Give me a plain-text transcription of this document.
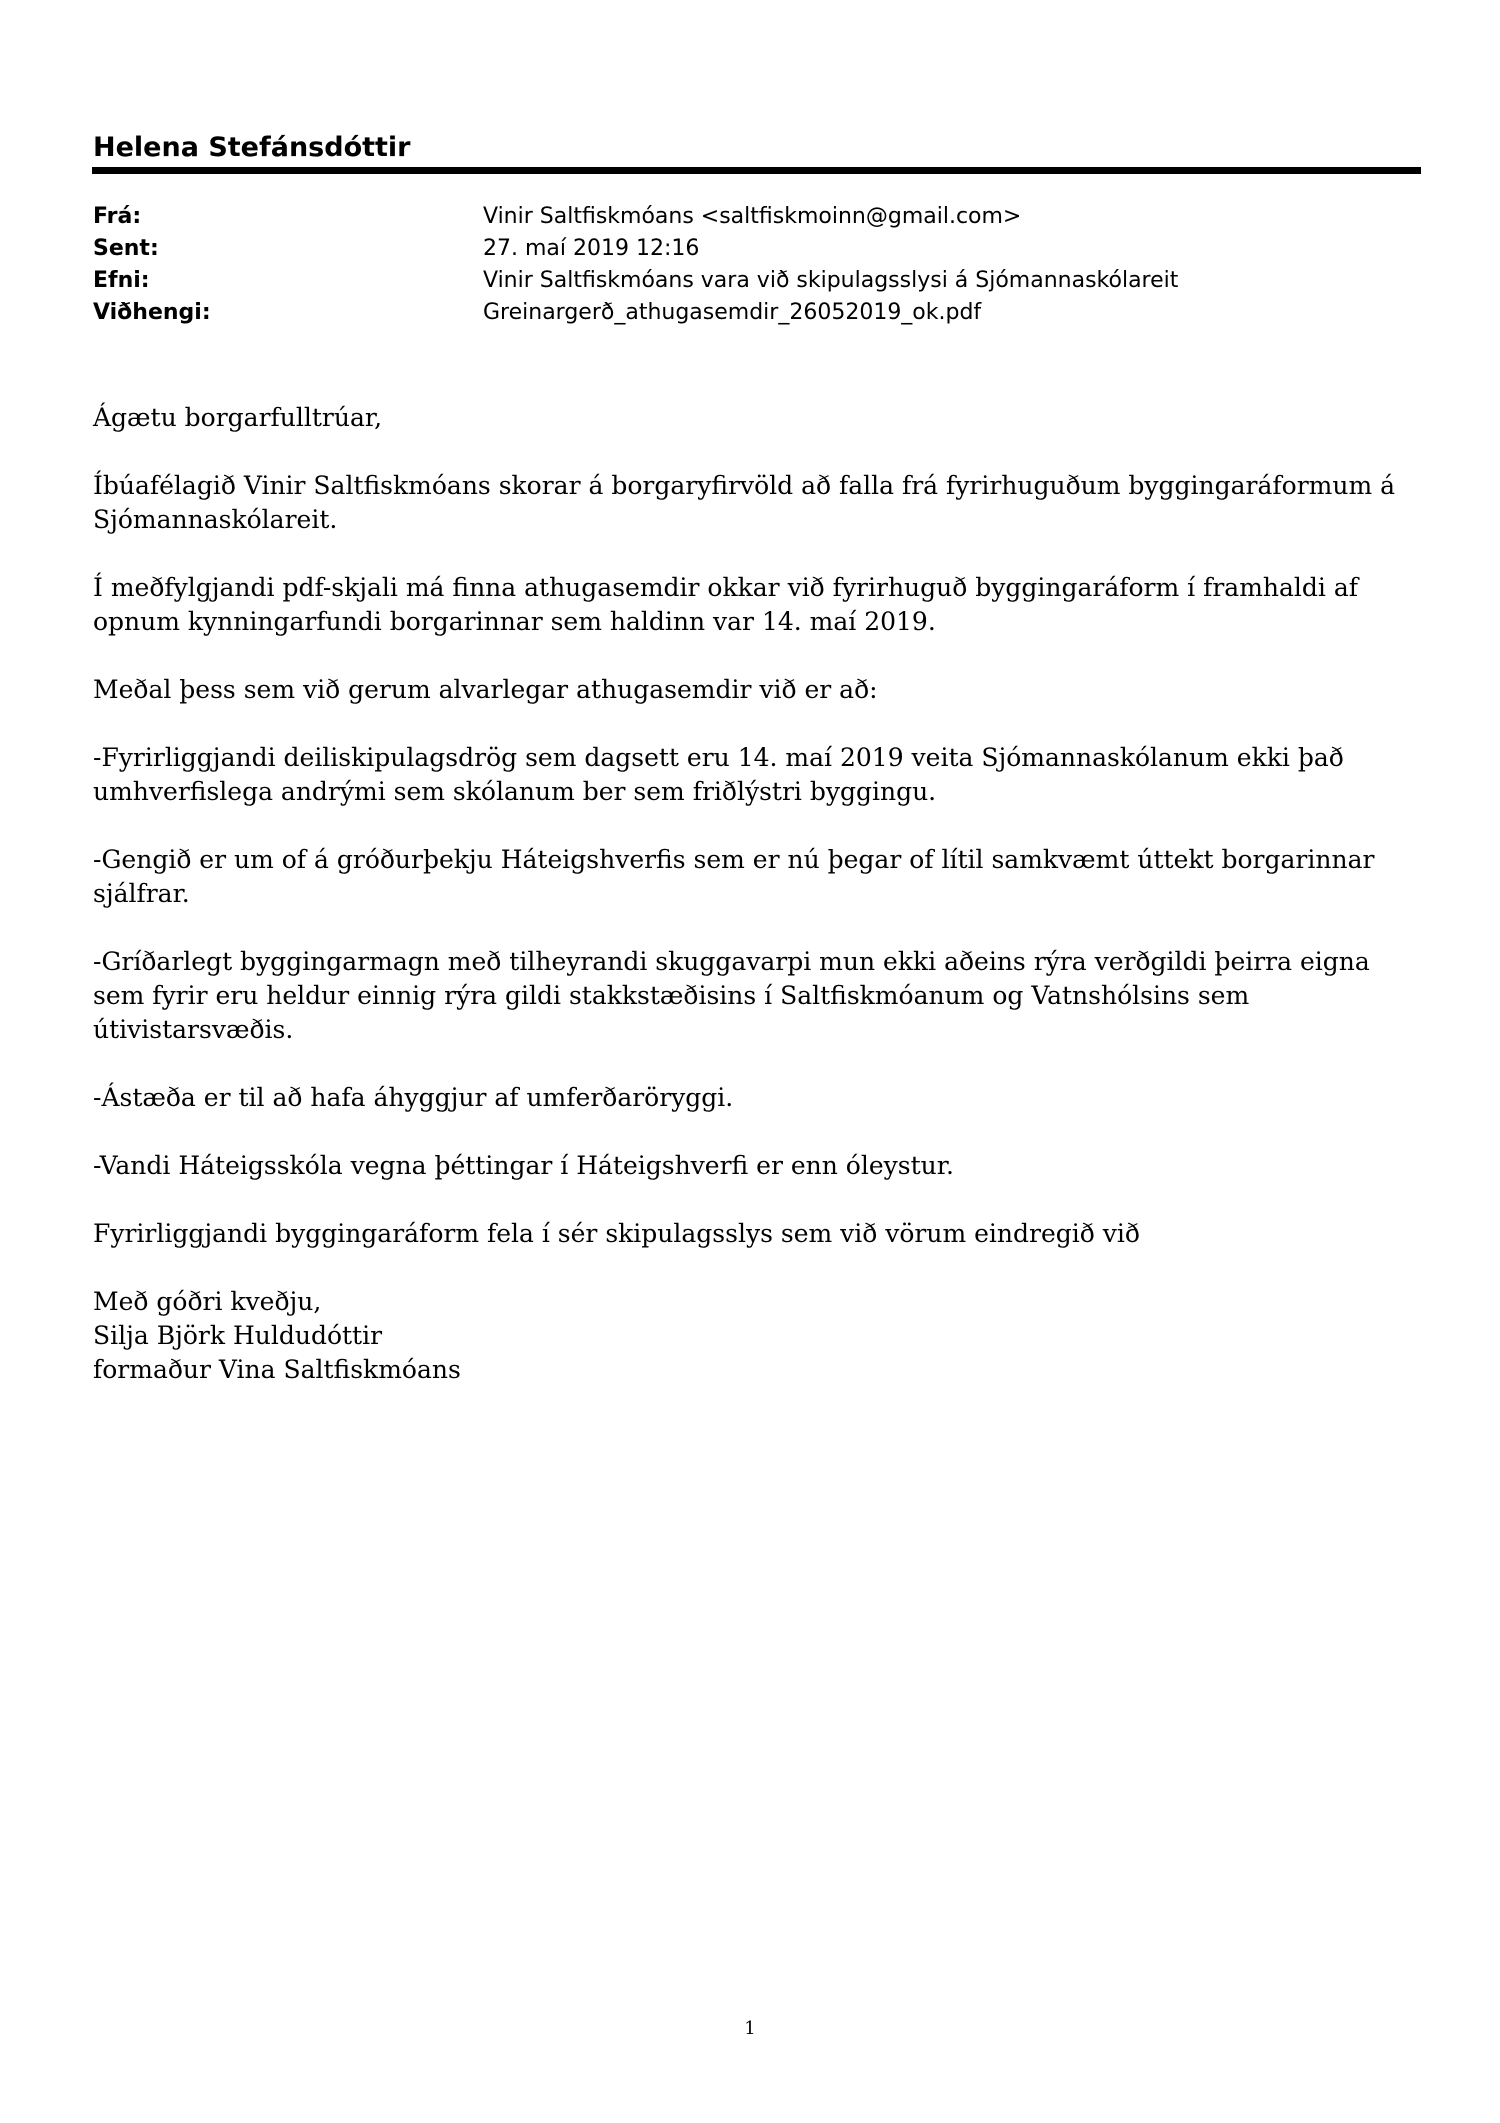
Helena Stefánsdóttir
Frá:	Vinir Saltfiskmóans <saltfiskmoinn@gmail.com>
Sent:	27. maí 2019 12:16
Efni:	Vinir Saltfiskmóans vara við skipulagsslysi á Sjómannaskólareit
Viðhengi:	Greinargerð_athugasemdir_26052019_ok.pdf

Ágætu borgarfulltrúar,

Íbúafélagið Vinir Saltfiskmóans skorar á borgaryfirvöld að falla frá fyrirhuguðum byggingaráformum á Sjómannaskólareit.

Í meðfylgjandi pdf-skjali má finna athugasemdir okkar við fyrirhuguð byggingaráform í framhaldi af opnum kynningarfundi borgarinnar sem haldinn var 14. maí 2019.

Meðal þess sem við gerum alvarlegar athugasemdir við er að:

-Fyrirliggjandi deiliskipulagsdrög sem dagsett eru 14. maí 2019 veita Sjómannaskólanum ekki það umhverfislega andrými sem skólanum ber sem friðlýstri byggingu.

-Gengið er um of á gróðurþekju Háteigshverfis sem er nú þegar of lítil samkvæmt úttekt borgarinnar sjálfrar.

-Gríðarlegt byggingarmagn með tilheyrandi skuggavarpi mun ekki aðeins rýra verðgildi þeirra eigna sem fyrir eru heldur einnig rýra gildi stakkstæðisins í Saltfiskmóanum og Vatnshólsins sem útivistarsvæðis.

-Ástæða er til að hafa áhyggjur af umferðaröryggi.

-Vandi Háteigsskóla vegna þéttingar í Háteigshverfi er enn óleystur.

Fyrirliggjandi byggingaráform fela í sér skipulagsslys sem við vörum eindregið við

Með góðri kveðju,
Silja Björk Huldudóttir
formaður Vina Saltfiskmóans
1
